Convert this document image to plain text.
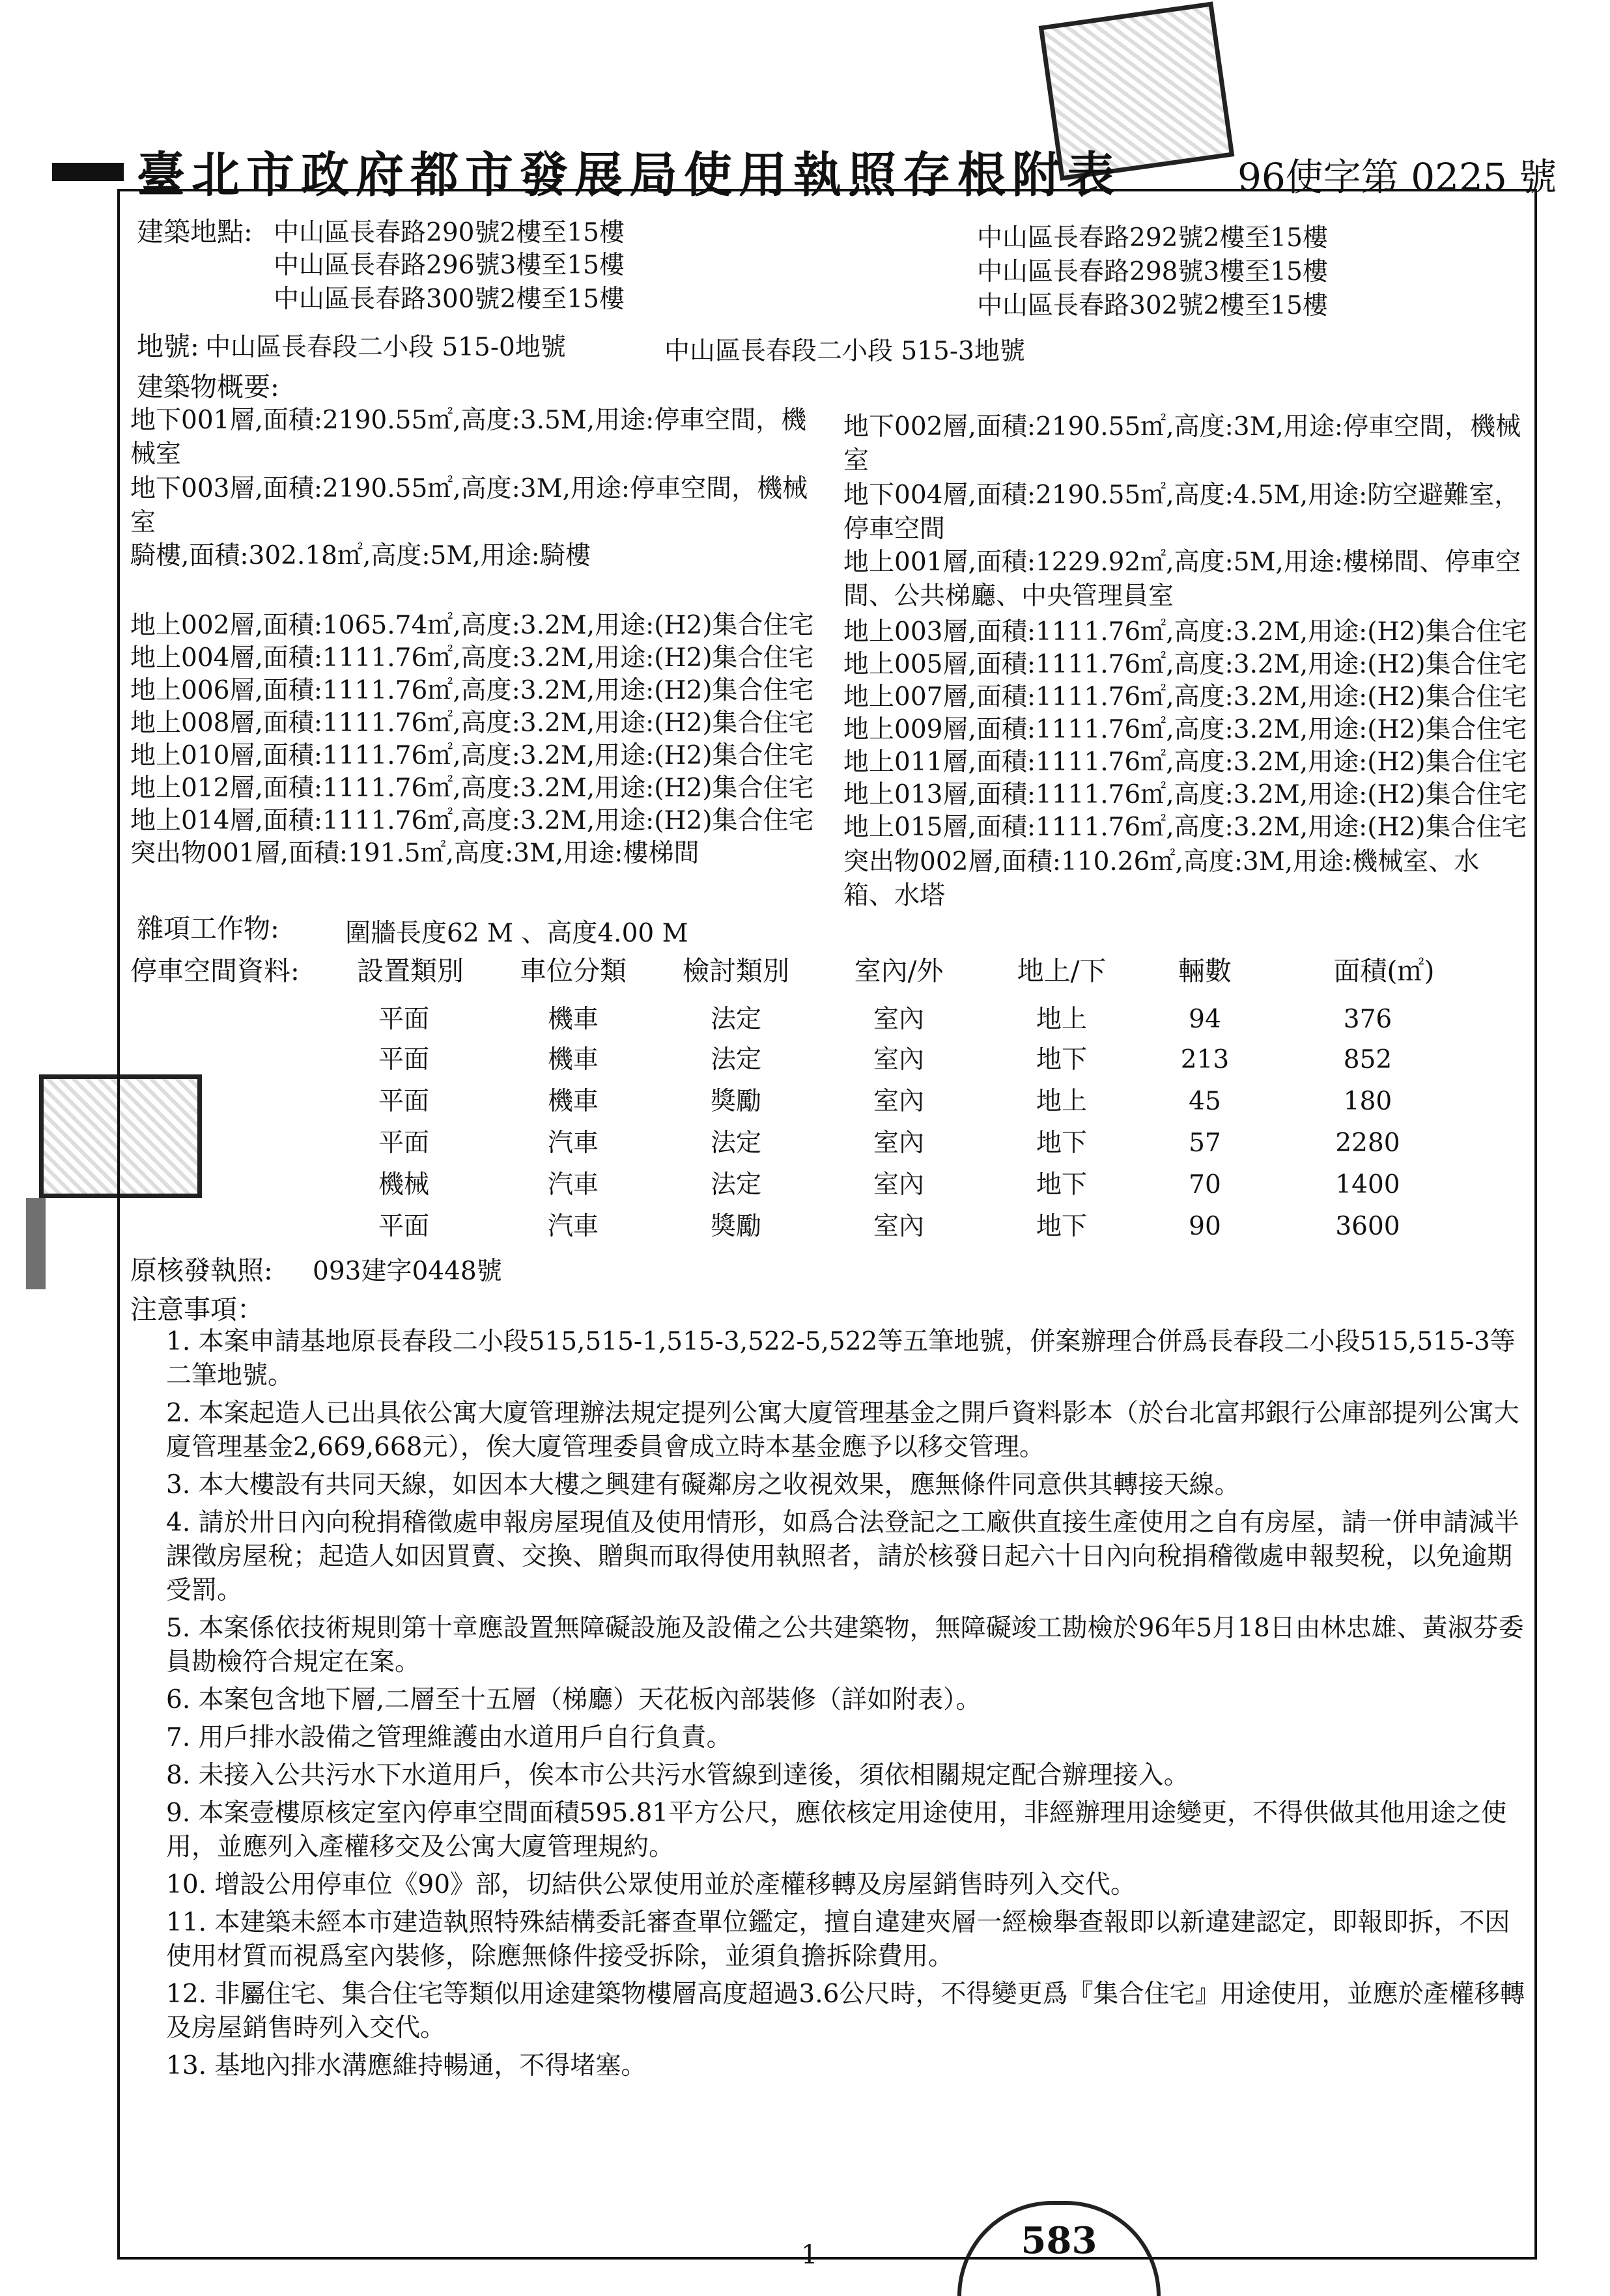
583
臺北市政府都市發展局使用執照存根附表	96使字第 0225 號
建築地點: 中山區長春路290號2樓至15樓
中山區長春路296號3樓至15樓
中山區長春路300號2樓至15樓
中山區長春路292號2樓至15樓
中山區長春路298號3樓至15樓
中山區長春路302號2樓至15樓
地號: 中山區長春段二小段 515-0地號	中山區長春段二小段 515-3地號
建築物概要:
地下001層,面積:2190.55㎡,高度:3.5M,用途:停車空間，機械室
地下003層,面積:2190.55㎡,高度:3M,用途:停車空間，機械室
騎樓,面積:302.18㎡,高度:5M,用途:騎樓
地上002層,面積:1065.74㎡,高度:3.2M,用途:(H2)集合住宅
地上004層,面積:1111.76㎡,高度:3.2M,用途:(H2)集合住宅
地上006層,面積:1111.76㎡,高度:3.2M,用途:(H2)集合住宅
地上008層,面積:1111.76㎡,高度:3.2M,用途:(H2)集合住宅
地上010層,面積:1111.76㎡,高度:3.2M,用途:(H2)集合住宅
地上012層,面積:1111.76㎡,高度:3.2M,用途:(H2)集合住宅
地上014層,面積:1111.76㎡,高度:3.2M,用途:(H2)集合住宅
突出物001層,面積:191.5㎡,高度:3M,用途:樓梯間
地下002層,面積:2190.55㎡,高度:3M,用途:停車空間，機械室
地下004層,面積:2190.55㎡,高度:4.5M,用途:防空避難室，停車空間
地上001層,面積:1229.92㎡,高度:5M,用途:樓梯間、停車空間、公共梯廳、中央管理員室
地上003層,面積:1111.76㎡,高度:3.2M,用途:(H2)集合住宅
地上005層,面積:1111.76㎡,高度:3.2M,用途:(H2)集合住宅
地上007層,面積:1111.76㎡,高度:3.2M,用途:(H2)集合住宅
地上009層,面積:1111.76㎡,高度:3.2M,用途:(H2)集合住宅
地上011層,面積:1111.76㎡,高度:3.2M,用途:(H2)集合住宅
地上013層,面積:1111.76㎡,高度:3.2M,用途:(H2)集合住宅
地上015層,面積:1111.76㎡,高度:3.2M,用途:(H2)集合住宅
突出物002層,面積:110.26㎡,高度:3M,用途:機械室、水箱、水塔
雜項工作物:	圍牆長度62 M 、高度4.00 M
停車空間資料:	設置類別	車位分類	檢討類別	室內/外	地上/下	輛數	面積(㎡)
平面	機車	法定	室內	地上	94	376
平面	機車	法定	室內	地下	213	852
平面	機車	獎勵	室內	地上	45	180
平面	汽車	法定	室內	地下	57	2280
機械	汽車	法定	室內	地下	70	1400
平面	汽車	獎勵	室內	地下	90	3600
原核發執照: 093建字0448號
注意事項：
1. 本案申請基地原長春段二小段515,515-1,515-3,522-5,522等五筆地號，併案辦理合併爲長春段二小段515,515-3等二筆地號。
2. 本案起造人已出具依公寓大廈管理辦法規定提列公寓大廈管理基金之開戶資料影本（於台北富邦銀行公庫部提列公寓大廈管理基金2,669,668元），俟大廈管理委員會成立時本基金應予以移交管理。
3. 本大樓設有共同天線，如因本大樓之興建有礙鄰房之收視效果，應無條件同意供其轉接天線。
4. 請於卅日內向稅捐稽徵處申報房屋現值及使用情形，如爲合法登記之工廠供直接生產使用之自有房屋，請一併申請減半課徵房屋稅；起造人如因買賣、交換、贈與而取得使用執照者，請於核發日起六十日內向稅捐稽徵處申報契稅，以免逾期受罰。
5. 本案係依技術規則第十章應設置無障礙設施及設備之公共建築物，無障礙竣工勘檢於96年5月18日由林忠雄、黃淑芬委員勘檢符合規定在案。
6. 本案包含地下層,二層至十五層（梯廳）天花板內部裝修（詳如附表）。
7. 用戶排水設備之管理維護由水道用戶自行負責。
8. 未接入公共污水下水道用戶，俟本市公共污水管線到達後，須依相關規定配合辦理接入。
9. 本案壹樓原核定室內停車空間面積595.81平方公尺，應依核定用途使用，非經辦理用途變更，不得供做其他用途之使用，並應列入產權移交及公寓大廈管理規約。
10. 增設公用停車位《90》部，切結供公眾使用並於產權移轉及房屋銷售時列入交代。
11. 本建築未經本市建造執照特殊結構委託審查單位鑑定，擅自違建夾層一經檢舉查報即以新違建認定，即報即拆，不因使用材質而視爲室內裝修，除應無條件接受拆除，並須負擔拆除費用。
12. 非屬住宅、集合住宅等類似用途建築物樓層高度超過3.6公尺時，不得變更爲『集合住宅』用途使用，並應於產權移轉及房屋銷售時列入交代。
13. 基地內排水溝應維持暢通，不得堵塞。
1
